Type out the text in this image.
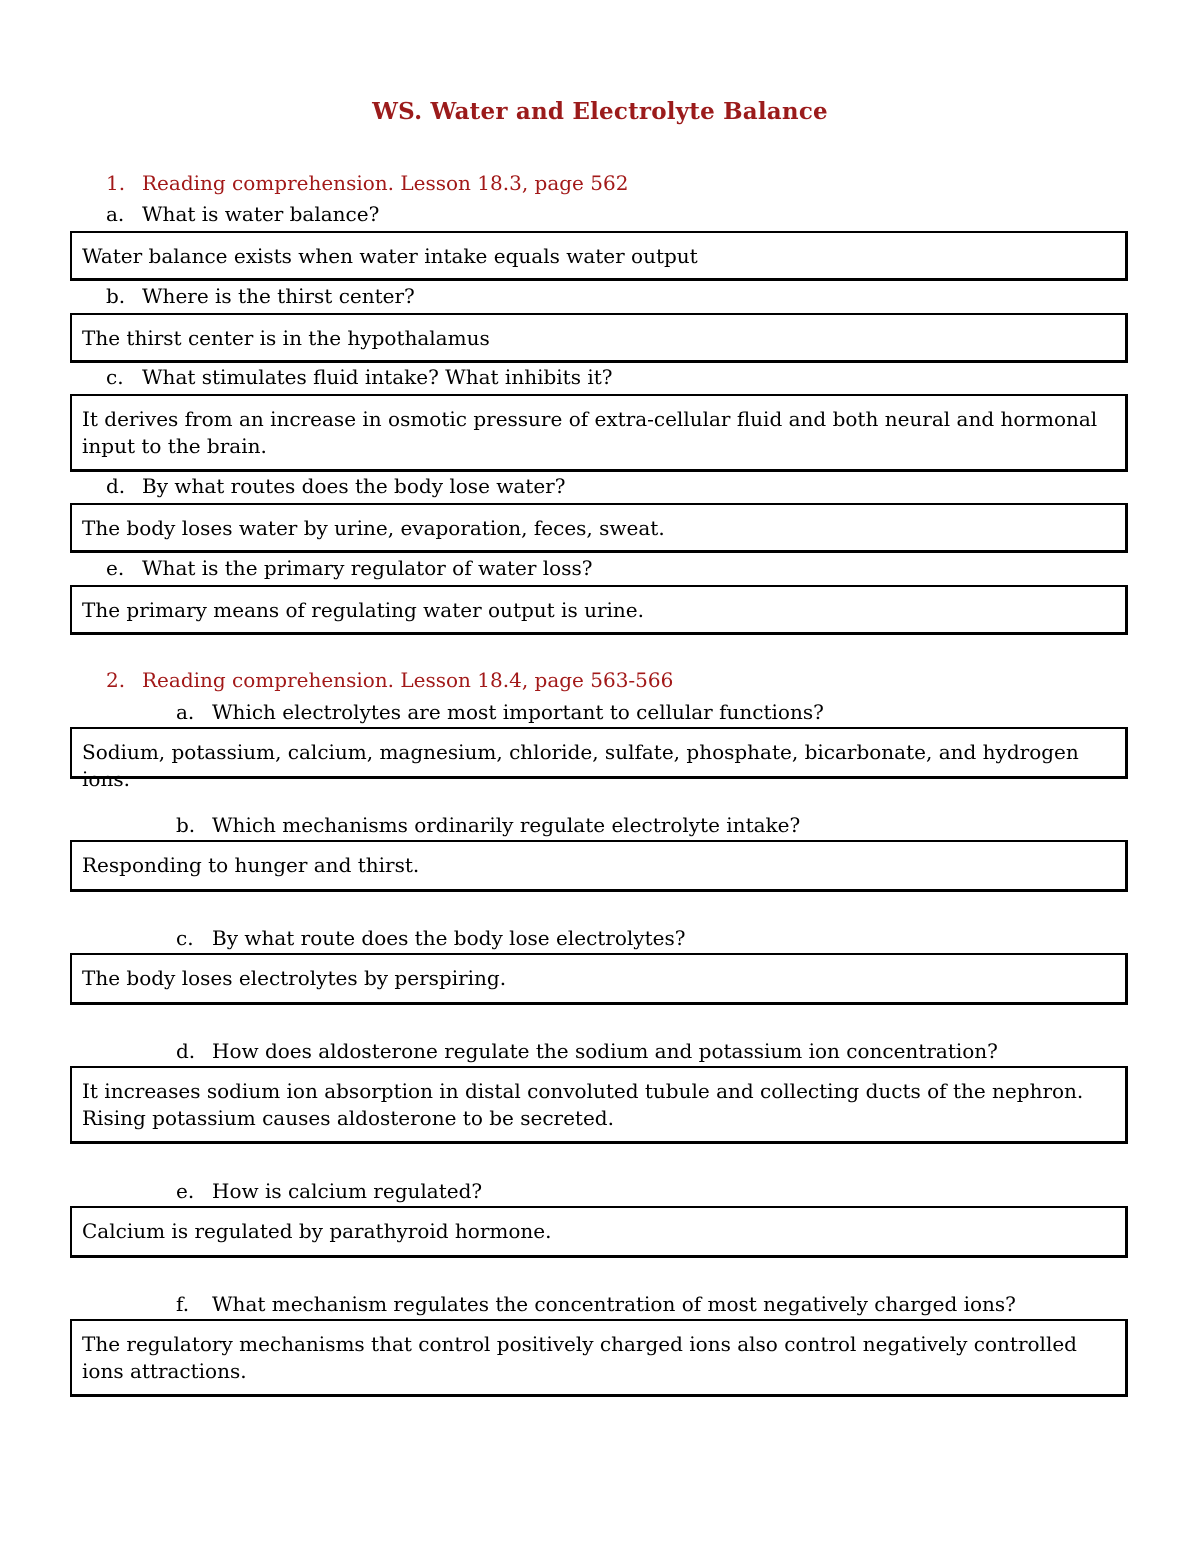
WS. Water and Electrolyte Balance
1. Reading comprehension. Lesson 18.3, page 562
a. What is water balance?
Water balance exists when water intake equals water output
b. Where is the thirst center?
The thirst center is in the hypothalamus
c. What stimulates fluid intake? What inhibits it?
It derives from an increase in osmotic pressure of extra-cellular fluid and both neural and hormonal input to the brain.
d. By what routes does the body lose water?
The body loses water by urine, evaporation, feces, sweat.
e. What is the primary regulator of water loss?
The primary means of regulating water output is urine.
2. Reading comprehension. Lesson 18.4, page 563-566
a. Which electrolytes are most important to cellular functions?
Sodium, potassium, calcium, magnesium, chloride, sulfate, phosphate, bicarbonate, and hydrogen ions.
b. Which mechanisms ordinarily regulate electrolyte intake?
Responding to hunger and thirst.
c. By what route does the body lose electrolytes?
The body loses electrolytes by perspiring.
d. How does aldosterone regulate the sodium and potassium ion concentration?
It increases sodium ion absorption in distal convoluted tubule and collecting ducts of the nephron. Rising potassium causes aldosterone to be secreted.
e. How is calcium regulated?
Calcium is regulated by parathyroid hormone.
f. What mechanism regulates the concentration of most negatively charged ions?
The regulatory mechanisms that control positively charged ions also control negatively controlled ions attractions.
